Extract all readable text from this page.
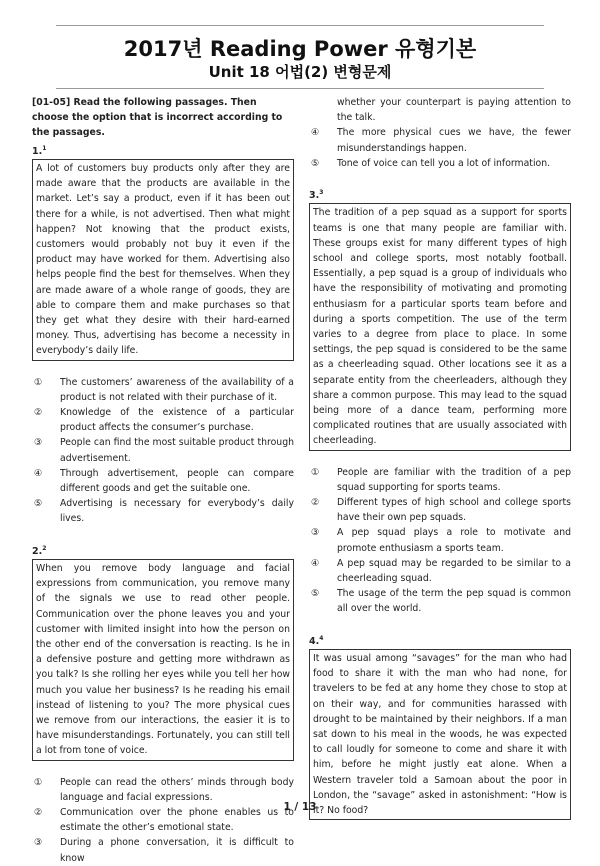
2017년 Reading Power 유형기본
Unit 18 어법(2) 변형문제

[01-05] Read the following passages. Then choose the option that is incorrect according to the passages.

1.$^1$

A lot of customers buy products only after they are made aware that the products are available in the market. Let’s say a product, even if it has been out there for a while, is not advertised. Then what might happen? Not knowing that the product exists, customers would probably not buy it even if the product may have worked for them. Advertising also helps people find the best for themselves. When they are made aware of a whole range of goods, they are able to compare them and make purchases so that they get what they desire with their hard-earned money. Thus, advertising has become a necessity in everybody’s daily life.
①	The customers’ awareness of the availability of a product is not related with their purchase of it.
②	Knowledge of the existence of a particular product affects the consumer’s purchase.
③	People can find the most suitable product through advertisement.
④	Through advertisement, people can compare different goods and get the suitable one.
⑤	Advertising is necessary for everybody’s daily lives.

2.$^2$

When you remove body language and facial expressions from communication, you remove many of the signals we use to read other people. Communication over the phone leaves you and your customer with limited insight into how the person on the other end of the conversation is reacting. Is he in a defensive posture and getting more withdrawn as you talk? Is she rolling her eyes while you tell her how much you value her business? Is he reading his email instead of listening to you? The more physical cues we remove from our interactions, the easier it is to have misunderstandings. Fortunately, you can still tell a lot from tone of voice.
①	People can read the others’ minds through body language and facial expressions.
②	Communication over the phone enables us to estimate the other’s emotional state.
③	During a phone conversation, it is difficult to know
whether your counterpart is paying attention to the talk.
④	The more physical cues we have, the fewer misunderstandings happen.
⑤	Tone of voice can tell you a lot of information.

3.$^3$

The tradition of a pep squad as a support for sports teams is one that many people are familiar with. These groups exist for many different types of high school and college sports, most notably football. Essentially, a pep squad is a group of individuals who have the responsibility of motivating and promoting enthusiasm for a particular sports team before and during a sports competition. The use of the term varies to a degree from place to place. In some settings, the pep squad is considered to be the same as a cheerleading squad. Other locations see it as a separate entity from the cheerleaders, although they share a common purpose. This may lead to the squad being more of a dance team, performing more complicated routines that are usually associated with cheerleading.
①	People are familiar with the tradition of a pep squad supporting for sports teams.
②	Different types of high school and college sports have their own pep squads.
③	A pep squad plays a role to motivate and promote enthusiasm a sports team.
④	A pep squad may be regarded to be similar to a cheerleading squad.
⑤	The usage of the term the pep squad is common all over the world.

4.$^4$

It was usual among “savages” for the man who had food to share it with the man who had none, for travelers to be fed at any home they chose to stop at on their way, and for communities harassed with drought to be maintained by their neighbors. If a man sat down to his meal in the woods, he was expected to call loudly for someone to come and share it with him, before he might justly eat alone. When a Western traveler told a Samoan about the poor in London, the “savage” asked in astonishment: “How is it? No food?
1 / 13
